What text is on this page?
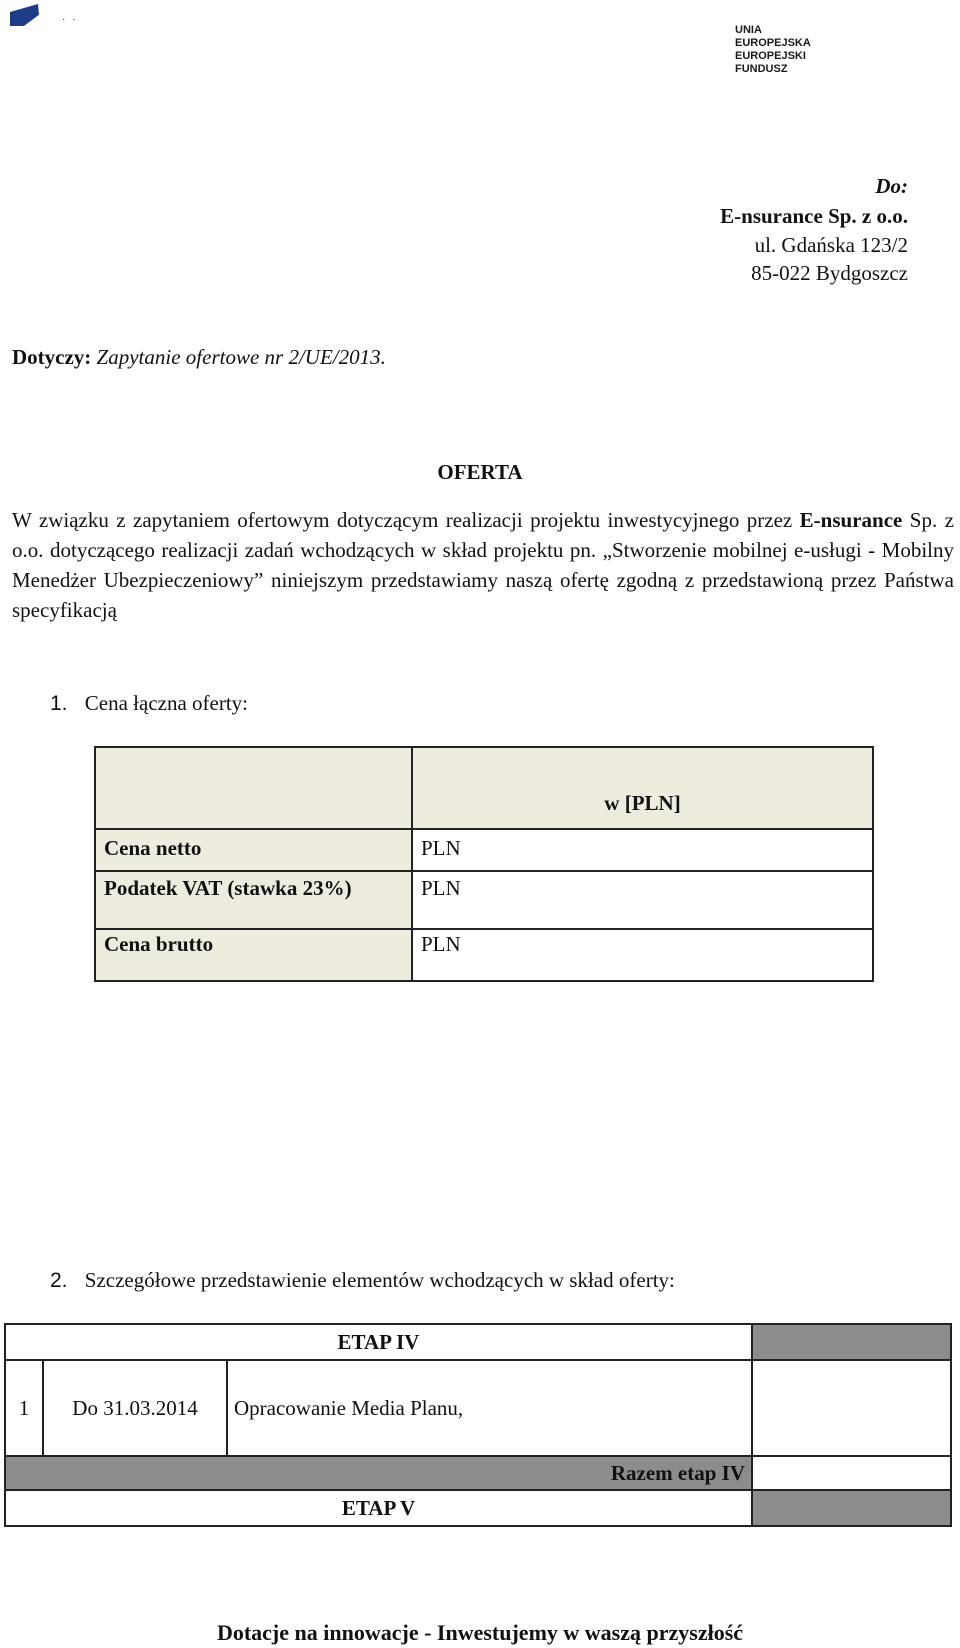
· ·
UNIA EUROPEJSKA
EUROPEJSKI FUNDUSZ
Do:
E-nsurance Sp. z o.o.
ul. Gdańska 123/2
85-022 Bydgoszcz
Dotyczy: Zapytanie ofertowe nr 2/UE/2013.
OFERTA
W związku z zapytaniem ofertowym dotyczącym realizacji projektu inwestycyjnego przez E-nsurance Sp. z o.o. dotyczącego realizacji zadań wchodzących w skład projektu pn. „Stworzenie mobilnej e-usługi - Mobilny Menedżer Ubezpieczeniowy” niniejszym przedstawiamy naszą ofertę zgodną z przedstawioną przez Państwa specyfikacją
1. Cena łączna oferty:
	w [PLN]
Cena netto	PLN
Podatek VAT (stawka 23%)	PLN
Cena brutto	PLN
2. Szczegółowe przedstawienie elementów wchodzących w skład oferty:
ETAP IV			
1	Do 31.03.2014	Opracowanie Media Planu,	
Razem etap IV			
ETAP V			
Dotacje na innowacje - Inwestujemy w waszą przyszłość
